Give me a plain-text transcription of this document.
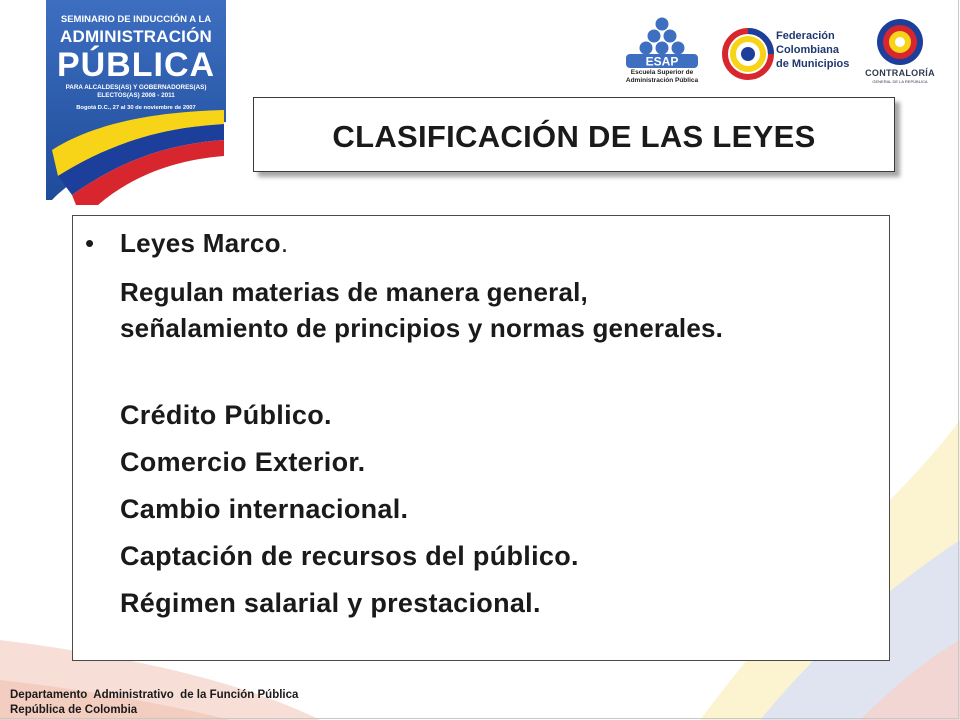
SEMINARIO DE INDUCCIÓN A LA
ADMINISTRACIÓN
PÚBLICA
PARA ALCALDES(AS) Y GOBERNADORES(AS) ELECTOS(AS) 2008 - 2011
Bogotá D.C., 27 al 30 de noviembre de 2007
ESAP
Escuela Superior de
Administración Pública
Federación
Colombiana
de Municipios
CONTRALORÍA
GENERAL DE LA REPÚBLICA
CLASIFICACIÓN DE LAS LEYES
• Leyes Marco.
Regulan materias de manera general,
señalamiento de principios y normas generales.
Crédito Público.
Comercio Exterior.
Cambio internacional.
Captación de recursos del público.
Régimen salarial y prestacional.
Departamento  Administrativo  de la Función Pública
República de Colombia
